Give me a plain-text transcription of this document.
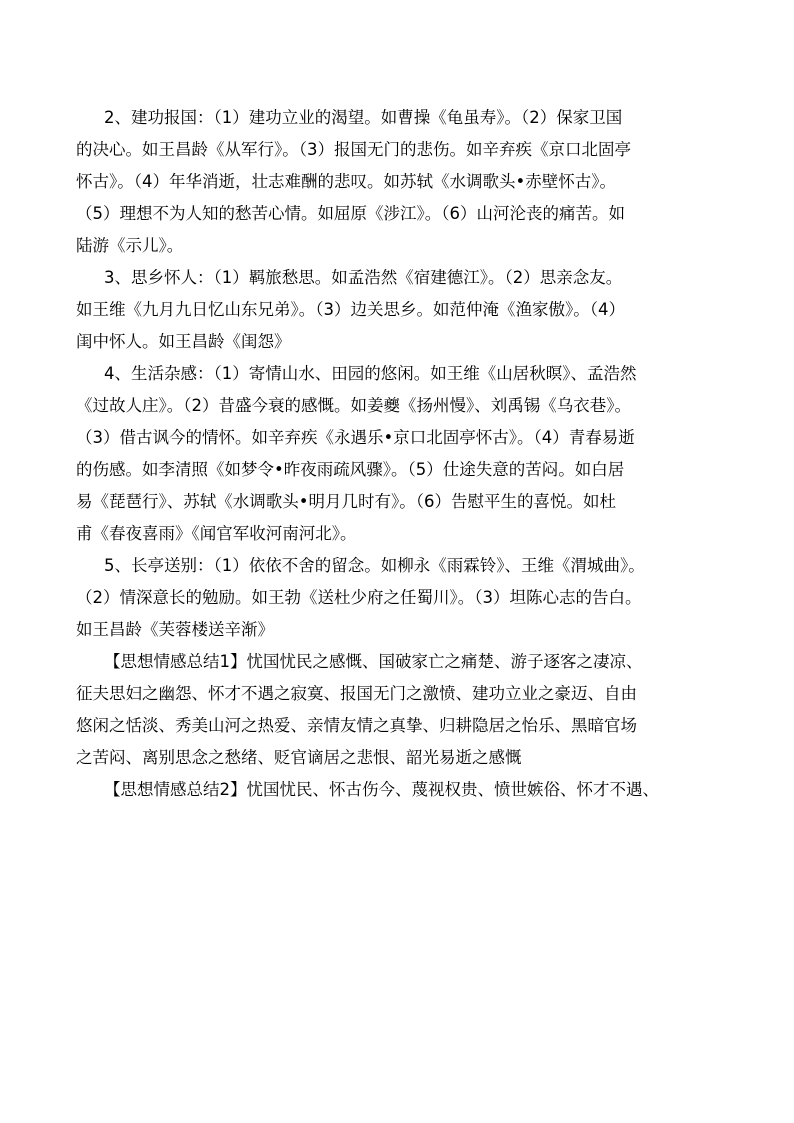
2、建功报国：（1）建功立业的渴望。如曹操《龟虽寿》。（2）保家卫国
的决心。如王昌龄《从军行》。（3）报国无门的悲伤。如辛弃疾《京口北固亭
怀古》。（4）年华消逝，壮志难酬的悲叹。如苏轼《水调歌头•赤壁怀古》。
（5）理想不为人知的愁苦心情。如屈原《涉江》。（6）山河沦丧的痛苦。如
陆游《示儿》。
3、思乡怀人：（1）羁旅愁思。如孟浩然《宿建德江》。（2）思亲念友。
如王维《九月九日忆山东兄弟》。（3）边关思乡。如范仲淹《渔家傲》。（4）
闺中怀人。如王昌龄《闺怨》
4、生活杂感：（1）寄情山水、田园的悠闲。如王维《山居秋暝》、孟浩然
《过故人庄》。（2）昔盛今衰的感慨。如姜夔《扬州慢》、刘禹锡《乌衣巷》。
（3）借古讽今的情怀。如辛弃疾《永遇乐•京口北固亭怀古》。（4）青春易逝
的伤感。如李清照《如梦令•昨夜雨疏风骤》。（5）仕途失意的苦闷。如白居
易《琵琶行》、苏轼《水调歌头•明月几时有》。（6）告慰平生的喜悦。如杜
甫《春夜喜雨》《闻官军收河南河北》。
5、长亭送别：（1）依依不舍的留念。如柳永《雨霖铃》、王维《渭城曲》。
（2）情深意长的勉励。如王勃《送杜少府之任蜀川》。（3）坦陈心志的告白。
如王昌龄《芙蓉楼送辛渐》
【思想情感总结1】忧国忧民之感慨、国破家亡之痛楚、游子逐客之凄凉、
征夫思妇之幽怨、怀才不遇之寂寞、报国无门之激愤、建功立业之豪迈、自由
悠闲之恬淡、秀美山河之热爱、亲情友情之真挚、归耕隐居之怡乐、黑暗官场
之苦闷、离别思念之愁绪、贬官谪居之悲恨、韶光易逝之感慨
【思想情感总结2】忧国忧民、怀古伤今、蔑视权贵、愤世嫉俗、怀才不遇、
